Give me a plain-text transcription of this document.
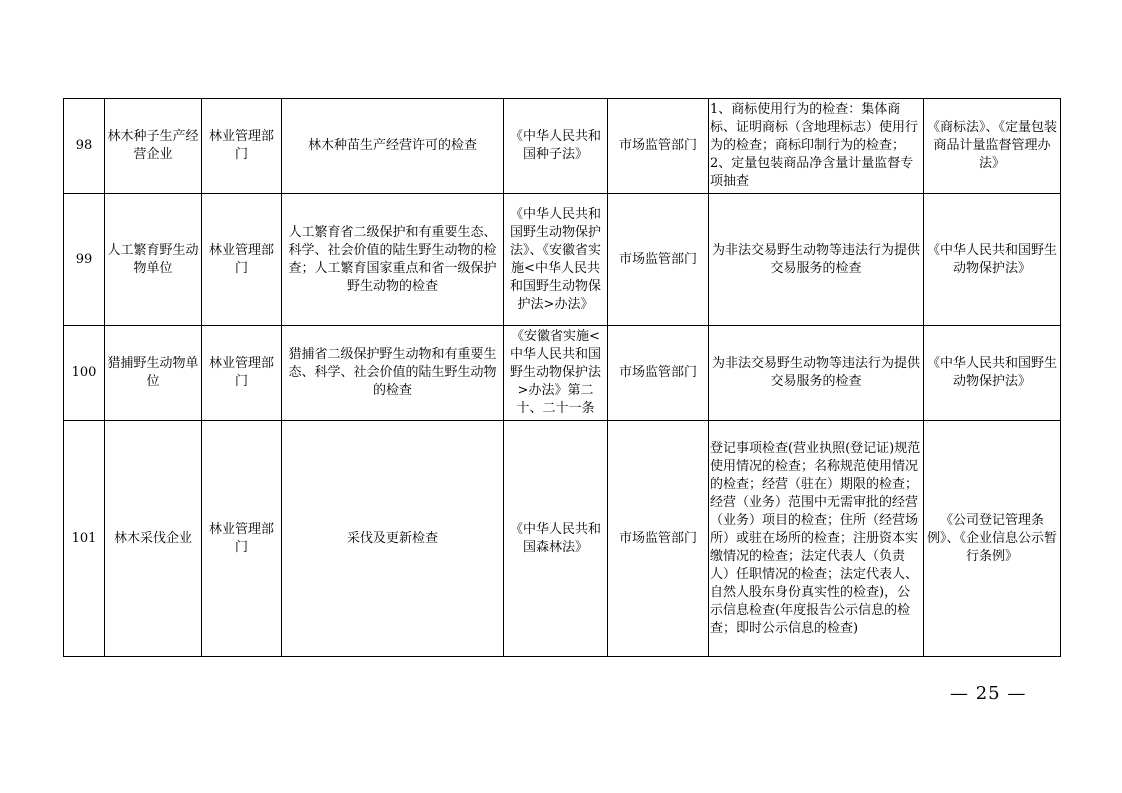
98	林木种子生产经营企业	林业管理部门	林木种苗生产经营许可的检查	《中华人民共和国种子法》	市场监管部门	1、商标使用行为的检查：集体商标、证明商标（含地理标志）使用行为的检查；商标印制行为的检查；2、定量包装商品净含量计量监督专项抽查	《商标法》、《定量包装商品计量监督管理办法》
99	人工繁育野生动物单位	林业管理部门	人工繁育省二级保护和有重要生态、科学、社会价值的陆生野生动物的检查；人工繁育国家重点和省一级保护野生动物的检查	《中华人民共和国野生动物保护法》、《安徽省实施<中华人民共和国野生动物保护法>办法》	市场监管部门	为非法交易野生动物等违法行为提供交易服务的检查	《中华人民共和国野生动物保护法》
100	猎捕野生动物单位	林业管理部门	猎捕省二级保护野生动物和有重要生态、科学、社会价值的陆生野生动物的检查	《安徽省实施<中华人民共和国野生动物保护法>办法》第二十、二十一条	市场监管部门	为非法交易野生动物等违法行为提供交易服务的检查	《中华人民共和国野生动物保护法》
101	林木采伐企业	林业管理部门	采伐及更新检查	《中华人民共和国森林法》	市场监管部门	登记事项检查(营业执照(登记证)规范使用情况的检查；名称规范使用情况的检查；经营（驻在）期限的检查；经营（业务）范围中无需审批的经营（业务）项目的检查；住所（经营场所）或驻在场所的检查；注册资本实缴情况的检查；法定代表人（负责人）任职情况的检查；法定代表人、自然人股东身份真实性的检查)，公示信息检查(年度报告公示信息的检查；即时公示信息的检查)	《公司登记管理条例》、《企业信息公示暂行条例》
— 25 —
